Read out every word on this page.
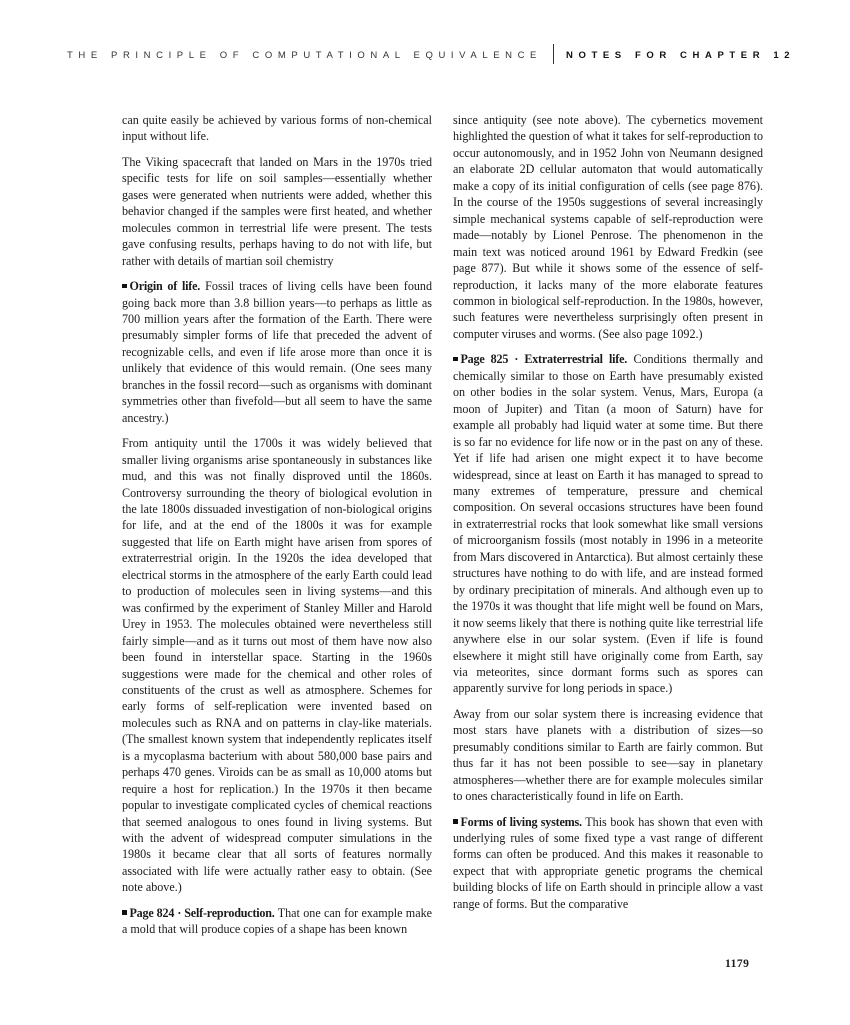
THE PRINCIPLE OF COMPUTATIONAL EQUIVALENCE	NOTES FOR CHAPTER 12

can quite easily be achieved by various forms of non-chemical input without life.

The Viking spacecraft that landed on Mars in the 1970s tried specific tests for life on soil samples—essentially whether gases were generated when nutrients were added, whether this behavior changed if the samples were first heated, and whether molecules common in terrestrial life were present. The tests gave confusing results, perhaps having to do not with life, but rather with details of martian soil chemistry

Origin of life. Fossil traces of living cells have been found going back more than 3.8 billion years—to perhaps as little as 700 million years after the formation of the Earth. There were presumably simpler forms of life that preceded the advent of recognizable cells, and even if life arose more than once it is unlikely that evidence of this would remain. (One sees many branches in the fossil record—such as organisms with dominant symmetries other than fivefold—but all seem to have the same ancestry.)

From antiquity until the 1700s it was widely believed that smaller living organisms arise spontaneously in substances like mud, and this was not finally disproved until the 1860s. Controversy surrounding the theory of biological evolution in the late 1800s dissuaded investigation of non-biological origins for life, and at the end of the 1800s it was for example suggested that life on Earth might have arisen from spores of extraterrestrial origin. In the 1920s the idea developed that electrical storms in the atmosphere of the early Earth could lead to production of molecules seen in living systems—and this was confirmed by the experiment of Stanley Miller and Harold Urey in 1953. The molecules obtained were nevertheless still fairly simple—and as it turns out most of them have now also been found in interstellar space. Starting in the 1960s suggestions were made for the chemical and other roles of constituents of the crust as well as atmosphere. Schemes for early forms of self-replication were invented based on molecules such as RNA and on patterns in clay-like materials. (The smallest known system that independently replicates itself is a mycoplasma bacterium with about 580,000 base pairs and perhaps 470 genes. Viroids can be as small as 10,000 atoms but require a host for replication.) In the 1970s it then became popular to investigate complicated cycles of chemical reactions that seemed analogous to ones found in living systems. But with the advent of widespread computer simulations in the 1980s it became clear that all sorts of features normally associated with life were actually rather easy to obtain. (See note above.)

Page 824 · Self-reproduction. That one can for example make a mold that will produce copies of a shape has been known

since antiquity (see note above). The cybernetics movement highlighted the question of what it takes for self-reproduction to occur autonomously, and in 1952 John von Neumann designed an elaborate 2D cellular automaton that would automatically make a copy of its initial configuration of cells (see page 876). In the course of the 1950s suggestions of several increasingly simple mechanical systems capable of self-reproduction were made—notably by Lionel Penrose. The phenomenon in the main text was noticed around 1961 by Edward Fredkin (see page 877). But while it shows some of the essence of self-reproduction, it lacks many of the more elaborate features common in biological self-reproduction. In the 1980s, however, such features were nevertheless surprisingly often present in computer viruses and worms. (See also page 1092.)

Page 825 · Extraterrestrial life. Conditions thermally and chemically similar to those on Earth have presumably existed on other bodies in the solar system. Venus, Mars, Europa (a moon of Jupiter) and Titan (a moon of Saturn) have for example all probably had liquid water at some time. But there is so far no evidence for life now or in the past on any of these. Yet if life had arisen one might expect it to have become widespread, since at least on Earth it has managed to spread to many extremes of temperature, pressure and chemical composition. On several occasions structures have been found in extraterrestrial rocks that look somewhat like small versions of microorganism fossils (most notably in 1996 in a meteorite from Mars discovered in Antarctica). But almost certainly these structures have nothing to do with life, and are instead formed by ordinary precipitation of minerals. And although even up to the 1970s it was thought that life might well be found on Mars, it now seems likely that there is nothing quite like terrestrial life anywhere else in our solar system. (Even if life is found elsewhere it might still have originally come from Earth, say via meteorites, since dormant forms such as spores can apparently survive for long periods in space.)

Away from our solar system there is increasing evidence that most stars have planets with a distribution of sizes—so presumably conditions similar to Earth are fairly common. But thus far it has not been possible to see—say in planetary atmospheres—whether there are for example molecules similar to ones characteristically found in life on Earth.

Forms of living systems. This book has shown that even with underlying rules of some fixed type a vast range of different forms can often be produced. And this makes it reasonable to expect that with appropriate genetic programs the chemical building blocks of life on Earth should in principle allow a vast range of forms. But the comparative

1179
